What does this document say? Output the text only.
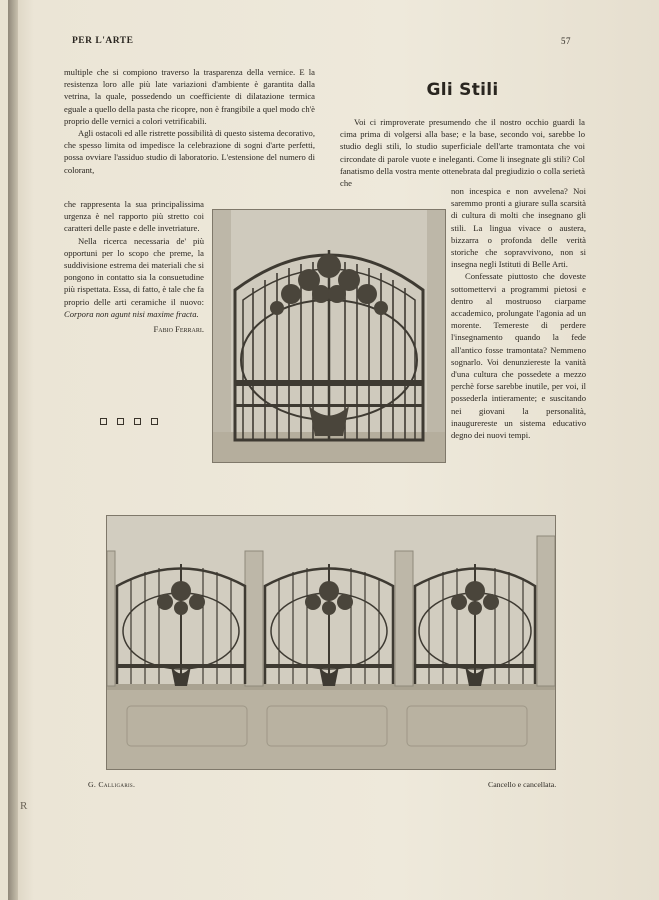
PER L'ARTE	57

multiple che si compiono traverso la trasparenza della vernice. E la resistenza loro alle più late variazioni d'ambiente è garantita dalla vetrina, la quale, possedendo un coefficiente di dilatazione termica eguale a quello della pasta che ricopre, non è frangibile a quel modo ch'è proprio delle vernici a colori vetrificabili.

Agli ostacoli ed alle ristrette possibilità di questo sistema decorativo, che spesso limita od impedisce la celebrazione di sogni d'arte perfetti, possa ovviare l'assiduo studio di laboratorio. L'estensione del numero di colorant,

che rappresenta la sua principalissima urgenza è nel rapporto più stretto coi caratteri delle paste e delle invetriature.

Nella ricerca necessaria de' più opportuni per lo scopo che preme, la suddivisione estrema dei materiali che si pongono in contatto sia la consuetudine più rispettata. Essa, di fatto, è tale che fa proprio delle arti ceramiche il nuovo: Corpora non agunt nisi maxime fracta.

Fabio Ferrari.

Gli Stili

Voi ci rimproverate presumendo che il nostro occhio guardi la cima prima di volgersi alla base; e la base, secondo voi, sarebbe lo studio degli stili, lo studio superficiale dell'arte tramontata che voi circondate di parole vuote e ineleganti. Come li insegnate gli stili? Col fanatismo della vostra mente ottenebrata dal pregiudizio o colla serietà che

non incespica e non avvelena? Noi saremmo pronti a giurare sulla scarsità di cultura di molti che insegnano gli stili. La lingua vivace o austera, bizzarra o profonda delle verità storiche che sopravvivono, non si insegna negli Istituti di Belle Arti.

Confessate piuttosto che doveste sottomettervi a programmi pietosi e dentro al mostruoso ciarpame accademico, prolungate l'agonia ad un morente. Temereste di perdere l'insegnamento quando la fede all'antico fosse tramontata? Nemmeno sognarlo. Voi denunziereste la vanità d'una cultura che possedete a mezzo perchè forse sarebbe inutile, per voi, il possederla intieramente; e suscitando nei giovani la personalità, inaugurereste un sistema educativo degno dei nuovi tempi.

G. Calligaris.	Cancello e cancellata.
R
